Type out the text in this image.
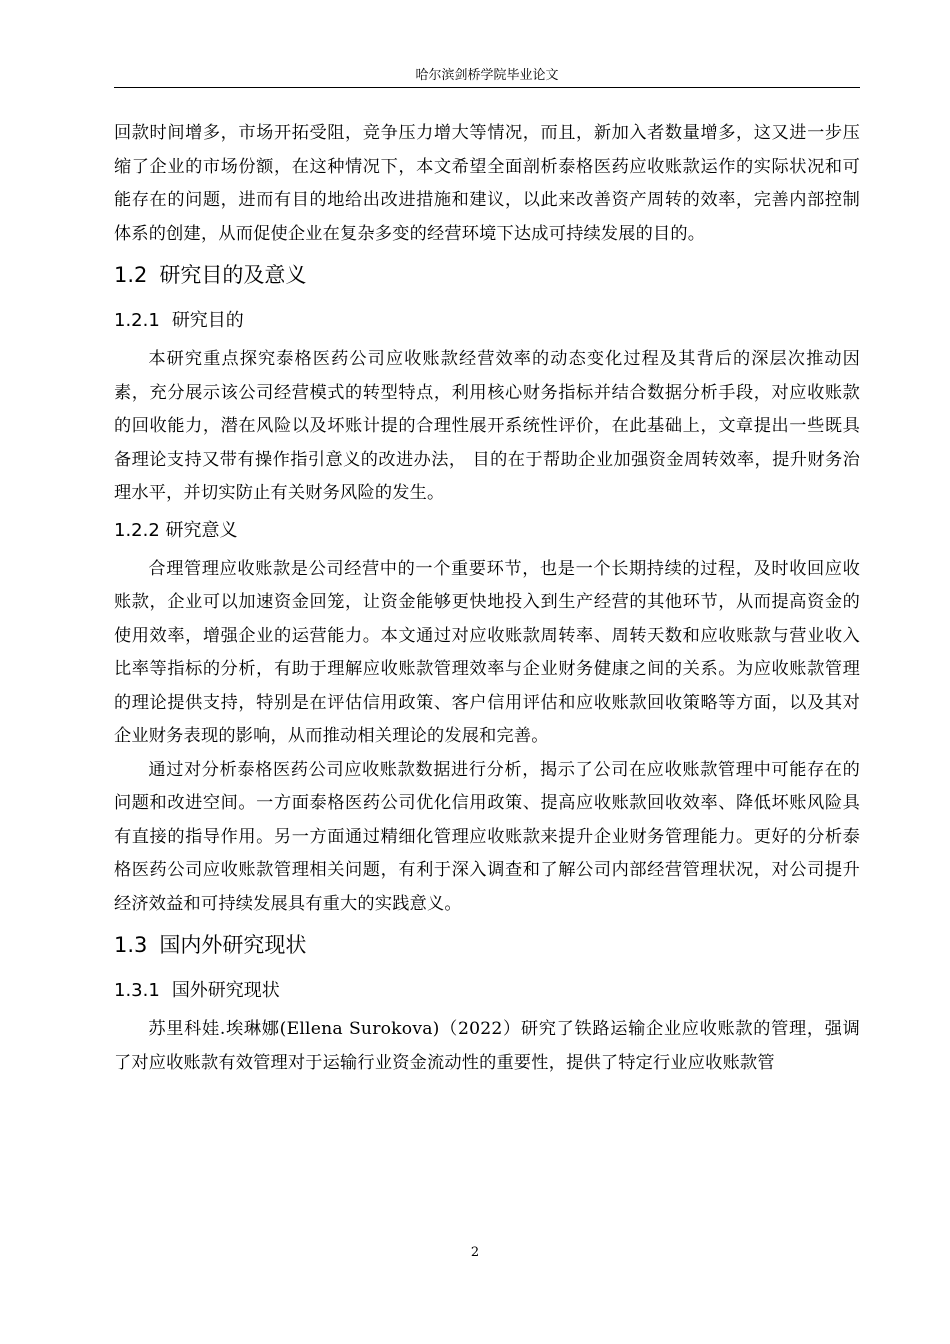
哈尔滨剑桥学院毕业论文

回款时间增多，市场开拓受阻，竞争压力增大等情况，而且，新加入者数量增多，这又进一步压缩了企业的市场份额，在这种情况下，本文希望全面剖析泰格医药应收账款运作的实际状况和可能存在的问题，进而有目的地给出改进措施和建议，以此来改善资产周转的效率，完善内部控制体系的创建，从而促使企业在复杂多变的经营环境下达成可持续发展的目的。

1.2 研究目的及意义
1.2.1 研究目的

本研究重点探究泰格医药公司应收账款经营效率的动态变化过程及其背后的深层次推动因素，充分展示该公司经营模式的转型特点，利用核心财务指标并结合数据分析手段，对应收账款的回收能力，潜在风险以及坏账计提的合理性展开系统性评价，在此基础上，文章提出一些既具备理论支持又带有操作指引意义的改进办法， 目的在于帮助企业加强资金周转效率，提升财务治理水平，并切实防止有关财务风险的发生。

1.2.2 研究意义

合理管理应收账款是公司经营中的一个重要环节，也是一个长期持续的过程，及时收回应收账款，企业可以加速资金回笼，让资金能够更快地投入到生产经营的其他环节，从而提高资金的使用效率，增强企业的运营能力。本文通过对应收账款周转率、周转天数和应收账款与营业收入比率等指标的分析，有助于理解应收账款管理效率与企业财务健康之间的关系。为应收账款管理的理论提供支持，特别是在评估信用政策、客户信用评估和应收账款回收策略等方面，以及其对企业财务表现的影响，从而推动相关理论的发展和完善。

通过对分析泰格医药公司应收账款数据进行分析，揭示了公司在应收账款管理中可能存在的问题和改进空间。一方面泰格医药公司优化信用政策、提高应收账款回收效率、降低坏账风险具有直接的指导作用。另一方面通过精细化管理应收账款来提升企业财务管理能力。更好的分析泰格医药公司应收账款管理相关问题，有利于深入调查和了解公司内部经营管理状况，对公司提升经济效益和可持续发展具有重大的实践意义。

1.3 国内外研究现状
1.3.1 国外研究现状

苏里科娃.埃琳娜(Ellena Surokova)（2022）研究了铁路运输企业应收账款的管理，强调了对应收账款有效管理对于运输行业资金流动性的重要性，提供了特定行业应收账款管

2
